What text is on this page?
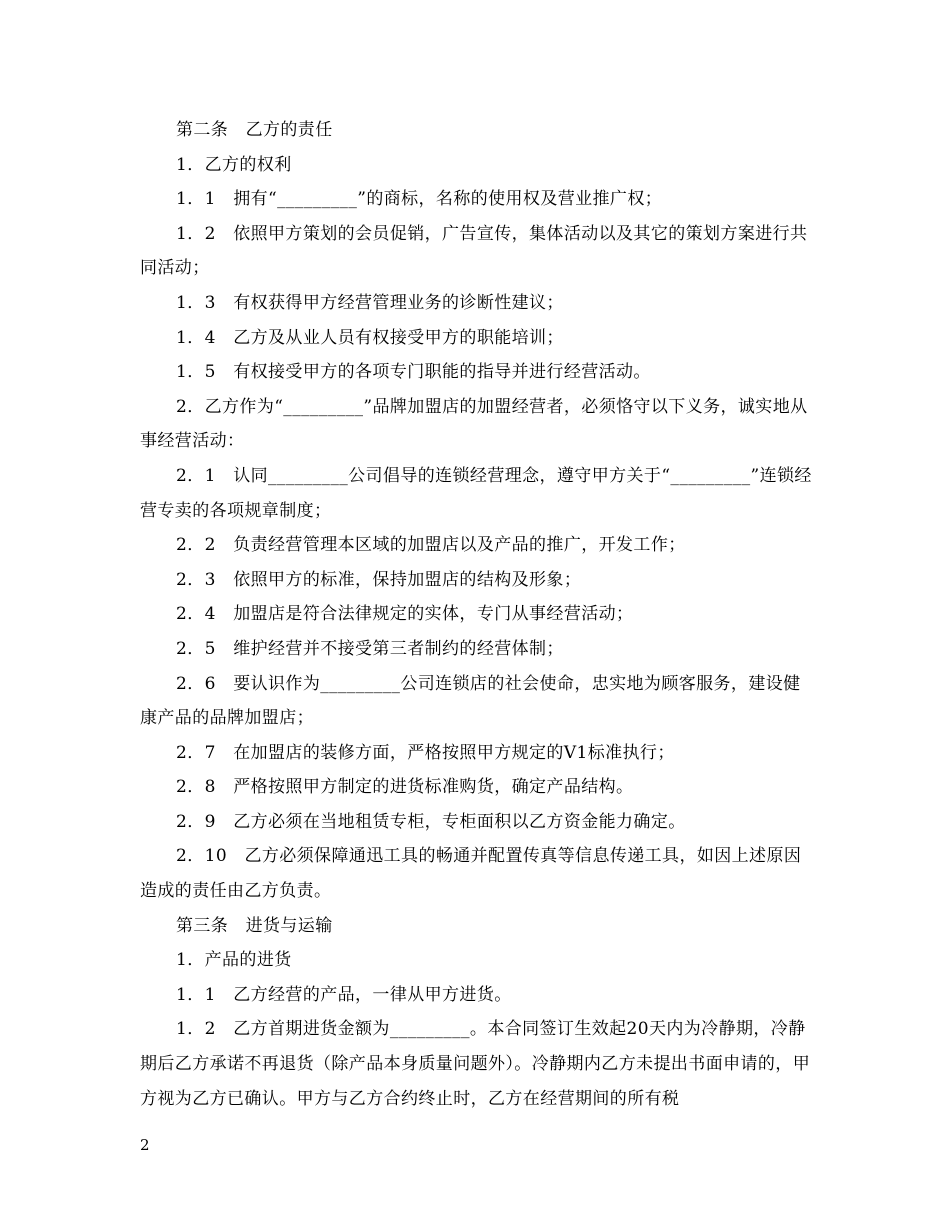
第二条　乙方的责任

1．乙方的权利

1．1　拥有“_________”的商标，名称的使用权及营业推广权；

1．2　依照甲方策划的会员促销，广告宣传，集体活动以及其它的策划方案进行共同活动；

1．3　有权获得甲方经营管理业务的诊断性建议；

1．4　乙方及从业人员有权接受甲方的职能培训；

1．5　有权接受甲方的各项专门职能的指导并进行经营活动。

2．乙方作为“_________”品牌加盟店的加盟经营者，必须恪守以下义务，诚实地从事经营活动：

2．1　认同_________公司倡导的连锁经营理念，遵守甲方关于“_________”连锁经营专卖的各项规章制度；

2．2　负责经营管理本区域的加盟店以及产品的推广，开发工作；

2．3　依照甲方的标准，保持加盟店的结构及形象；

2．4　加盟店是符合法律规定的实体，专门从事经营活动；

2．5　维护经营并不接受第三者制约的经营体制；

2．6　要认识作为_________公司连锁店的社会使命，忠实地为顾客服务，建设健康产品的品牌加盟店；

2．7　在加盟店的装修方面，严格按照甲方规定的V1标准执行；

2．8　严格按照甲方制定的进货标准购货，确定产品结构。

2．9　乙方必须在当地租赁专柜，专柜面积以乙方资金能力确定。

2．10　乙方必须保障通迅工具的畅通并配置传真等信息传递工具，如因上述原因造成的责任由乙方负责。

第三条　进货与运输

1．产品的进货

1．1　乙方经营的产品，一律从甲方进货。

1．2　乙方首期进货金额为_________。本合同签订生效起20天内为冷静期，冷静期后乙方承诺不再退货（除产品本身质量问题外）。冷静期内乙方未提出书面申请的，甲方视为乙方已确认。甲方与乙方合约终止时，乙方在经营期间的所有税

2
